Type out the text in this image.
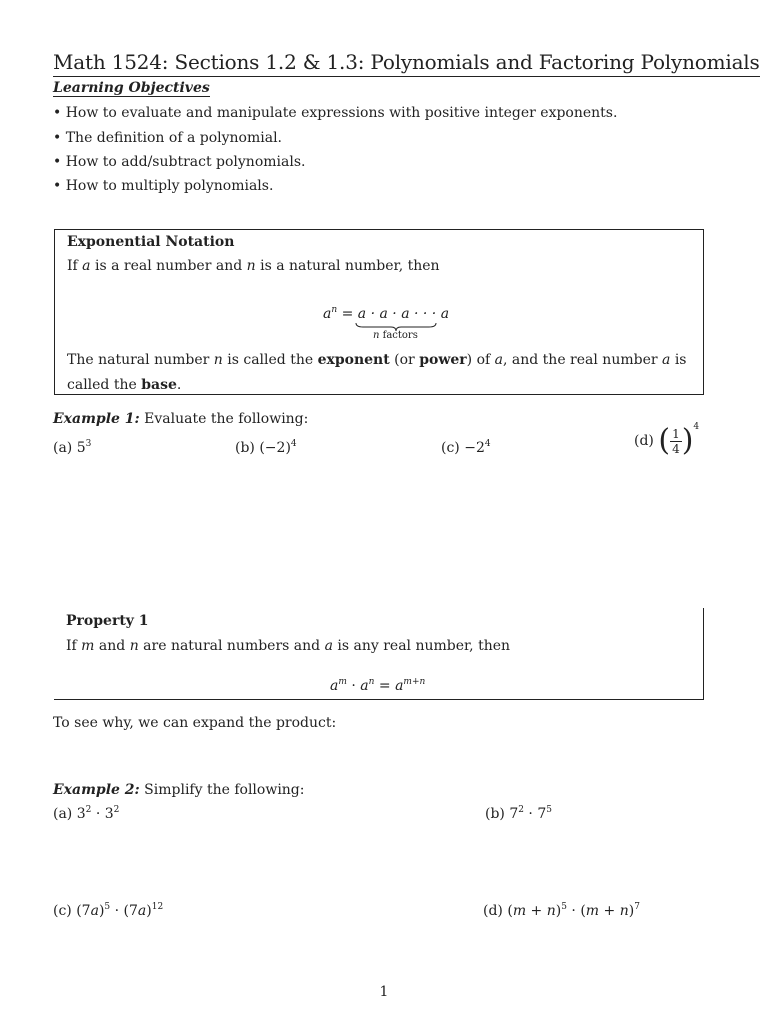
Math 1524: Sections 1.2 & 1.3: Polynomials and Factoring Polynomials
Learning Objectives
• How to evaluate and manipulate expressions with positive integer exponents.
• The definition of a polynomial.
• How to add/subtract polynomials.
• How to multiply polynomials.
Exponential Notation
If a is a real number and n is a natural number, then
$a^n = a \cdot a \cdot a$ · · · a
n factors
The natural number n is called the exponent (or power) of a, and the real number a is called the base.
Example 1: Evaluate the following:
(a) $5^3$	(b) $(-2)^4$	$(c) -2^4$	(d) ( $\frac{1}{4} )^4$
Property 1
If m and n are natural numbers and a is any real number, then
$a^m \cdot a^n = a^{m+n}$
To see why, we can expand the product:
Example 2: Simplify the following:
(a) $3^2 \cdot 3^2$	(b) $7^2 \cdot 7^5$
(c) $(7a)^5 \cdot (7a)^{12}$	(d) $(m + n)^5 \cdot (m + n)^7$
1
